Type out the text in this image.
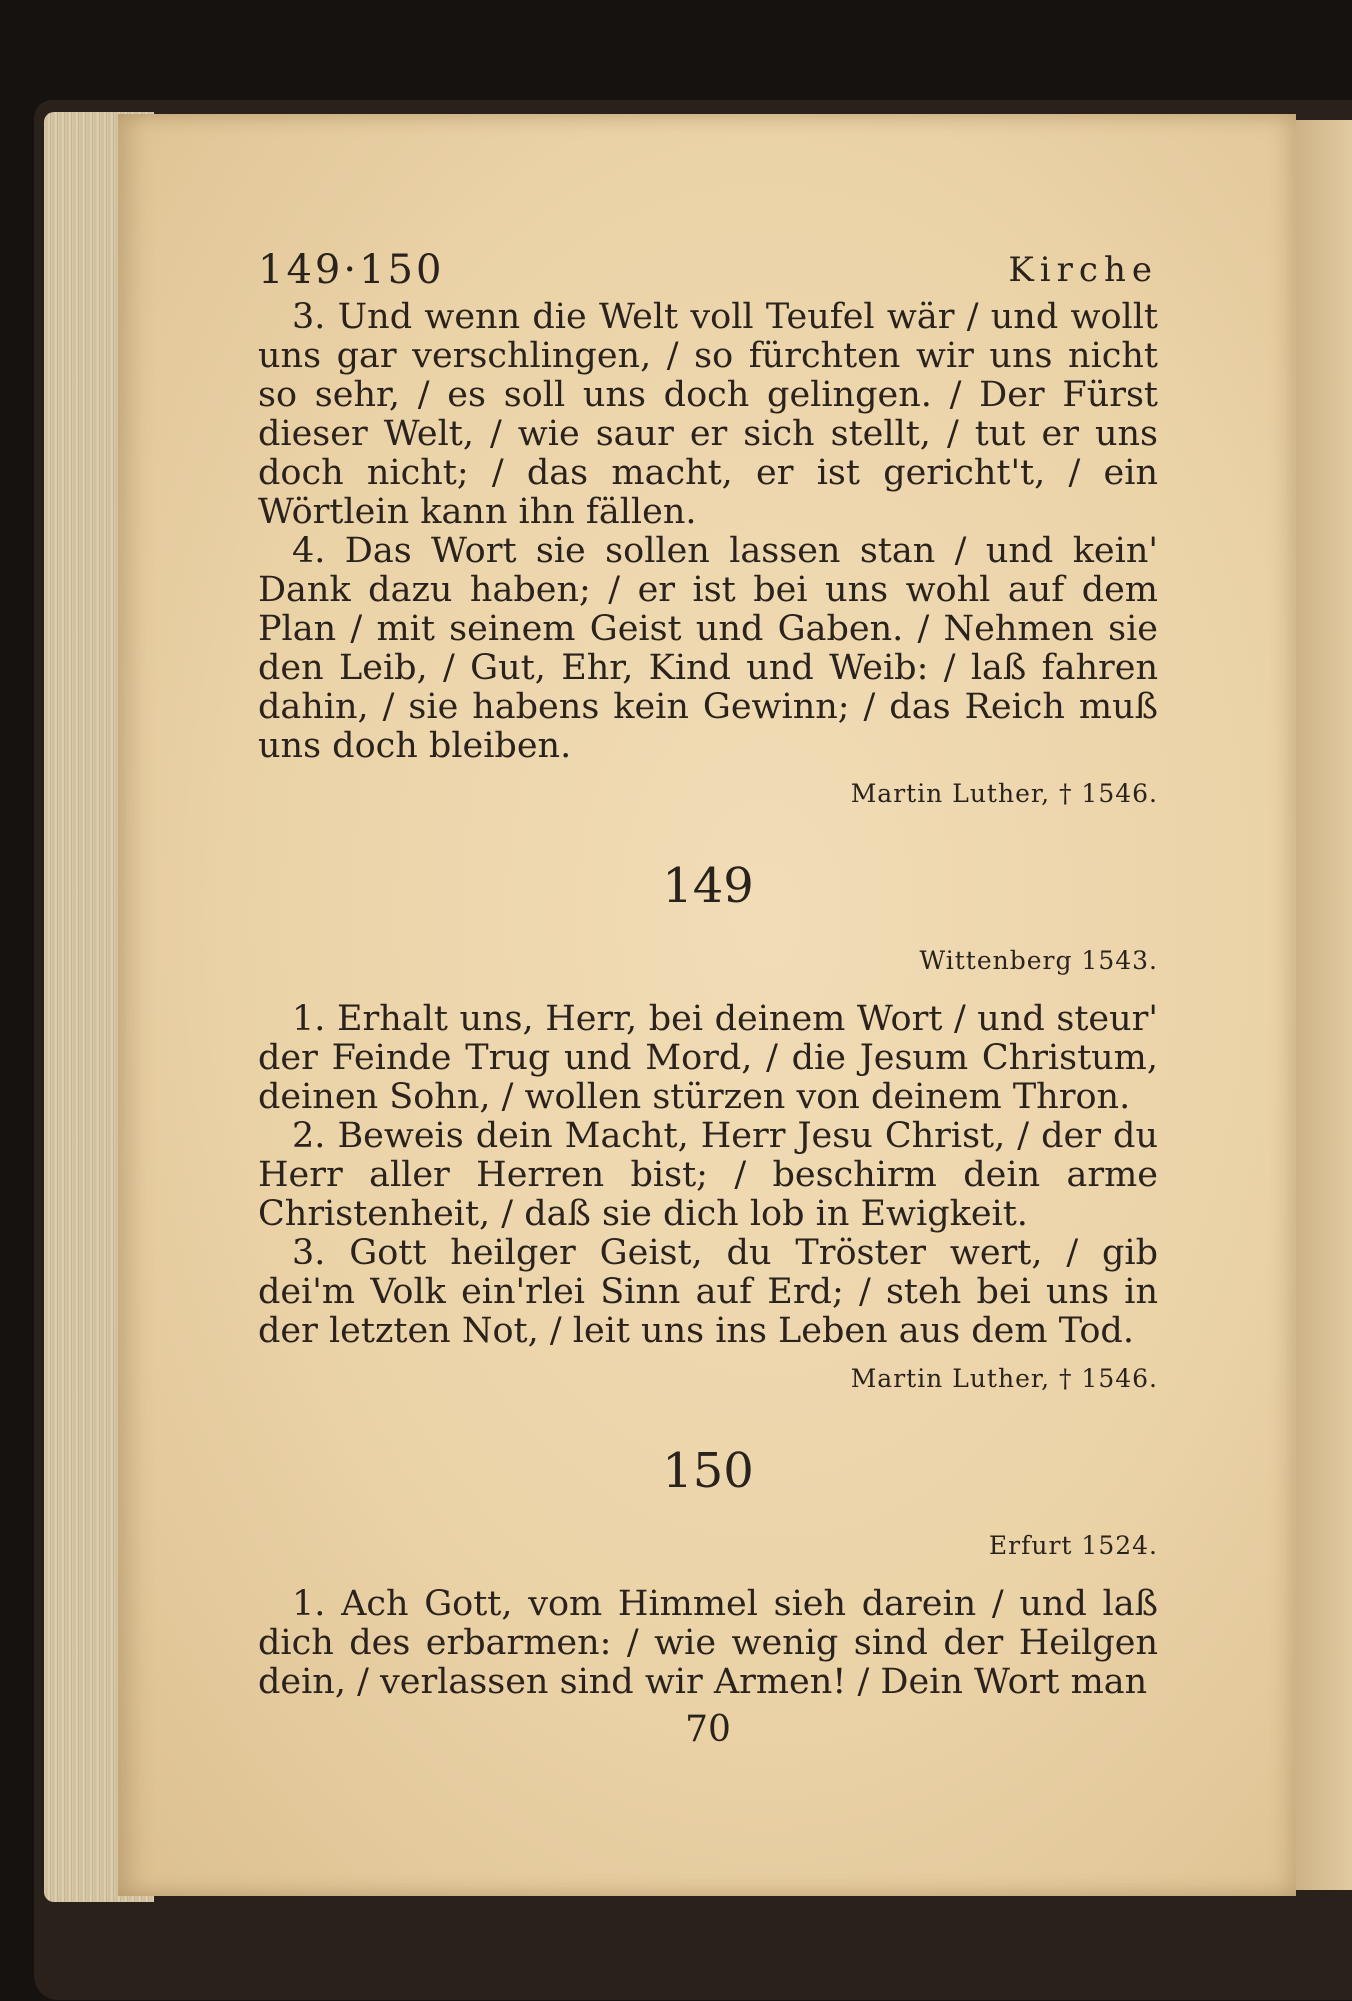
149·150	Kirche

3. Und wenn die Welt voll Teufel wär / und wollt uns gar verschlingen, / so fürchten wir uns nicht so sehr, / es soll uns doch gelingen. / Der Fürst dieser Welt, / wie saur er sich stellt, / tut er uns doch nicht; / das macht, er ist gericht't, / ein Wörtlein kann ihn fällen.

4. Das Wort sie sollen lassen stan / und kein' Dank dazu haben; / er ist bei uns wohl auf dem Plan / mit seinem Geist und Gaben. / Nehmen sie den Leib, / Gut, Ehr, Kind und Weib: / laß fahren dahin, / sie habens kein Gewinn; / das Reich muß uns doch bleiben.

Martin Luther, † 1546.

149

Wittenberg 1543.

1. Erhalt uns, Herr, bei deinem Wort / und steur' der Feinde Trug und Mord, / die Jesum Christum, deinen Sohn, / wollen stürzen von deinem Thron.

2. Beweis dein Macht, Herr Jesu Christ, / der du Herr aller Herren bist; / beschirm dein arme Christenheit, / daß sie dich lob in Ewigkeit.

3. Gott heilger Geist, du Tröster wert, / gib dei'm Volk ein'rlei Sinn auf Erd; / steh bei uns in der letzten Not, / leit uns ins Leben aus dem Tod.

Martin Luther, † 1546.

150

Erfurt 1524.

1. Ach Gott, vom Himmel sieh darein / und laß dich des erbarmen: / wie wenig sind der Heilgen dein, / verlassen sind wir Armen! / Dein Wort man

70
